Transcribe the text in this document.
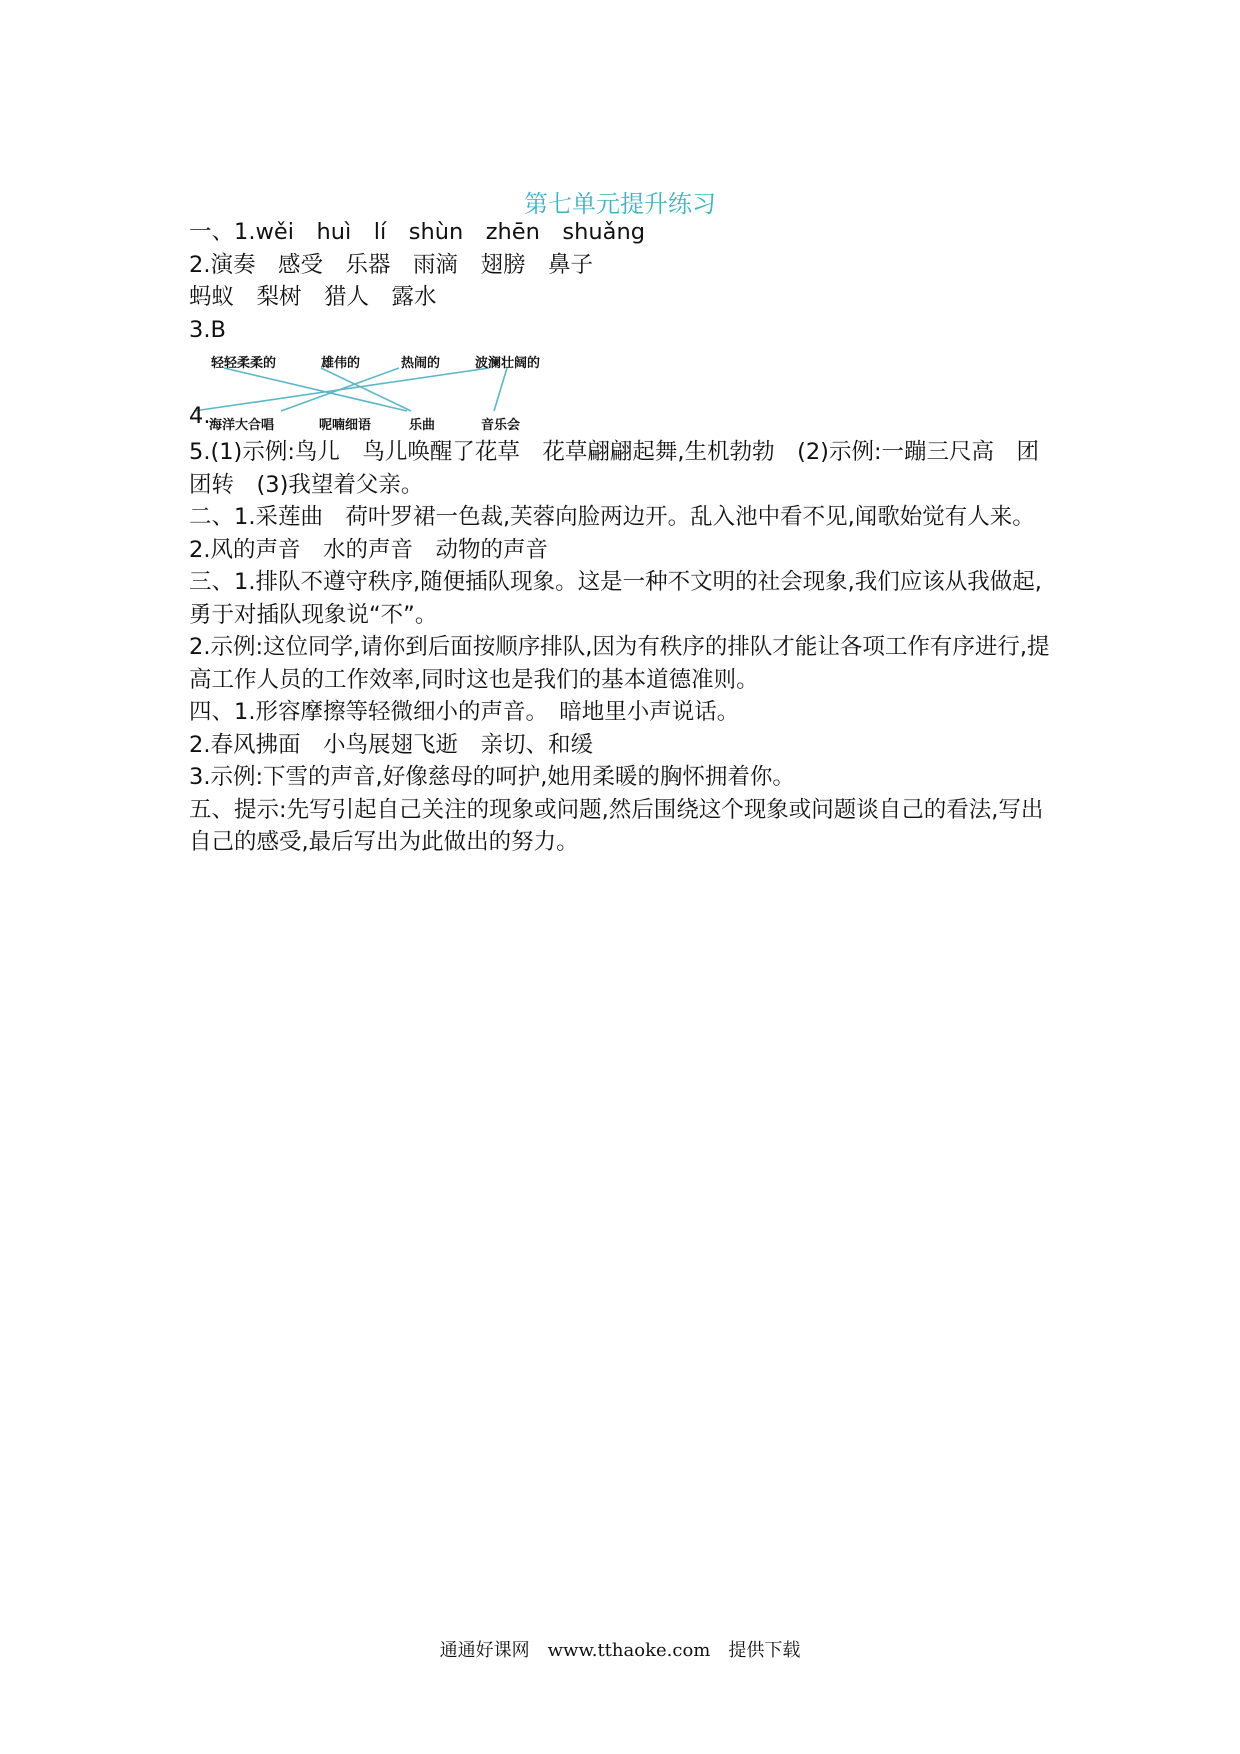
第七单元提升练习

一、1.wěi　huì　lí　shùn　zhēn　shuǎng

2.演奏　感受　乐器　雨滴　翅膀　鼻子

蚂蚁　梨树　猎人　露水

3.B

轻轻柔柔的	雄伟的	热闹的	波澜壮阔的
4.
海洋大合唱	呢喃细语	乐曲	音乐会

5.(1)示例:鸟儿　鸟儿唤醒了花草　花草翩翩起舞,生机勃勃　(2)示例:一蹦三尺高　团团转　(3)我望着父亲。

二、1.采莲曲　荷叶罗裙一色裁,芙蓉向脸两边开。乱入池中看不见,闻歌始觉有人来。

2.风的声音　水的声音　动物的声音

三、1.排队不遵守秩序,随便插队现象。这是一种不文明的社会现象,我们应该从我做起,勇于对插队现象说“不”。

2.示例:这位同学,请你到后面按顺序排队,因为有秩序的排队才能让各项工作有序进行,提高工作人员的工作效率,同时这也是我们的基本道德准则。

四、1.形容摩擦等轻微细小的声音。　暗地里小声说话。

2.春风拂面　小鸟展翅飞逝　亲切、和缓

3.示例:下雪的声音,好像慈母的呵护,她用柔暖的胸怀拥着你。

五、提示:先写引起自己关注的现象或问题,然后围绕这个现象或问题谈自己的看法,写出自己的感受,最后写出为此做出的努力。

通通好课网　www.tthaoke.com　提供下载
